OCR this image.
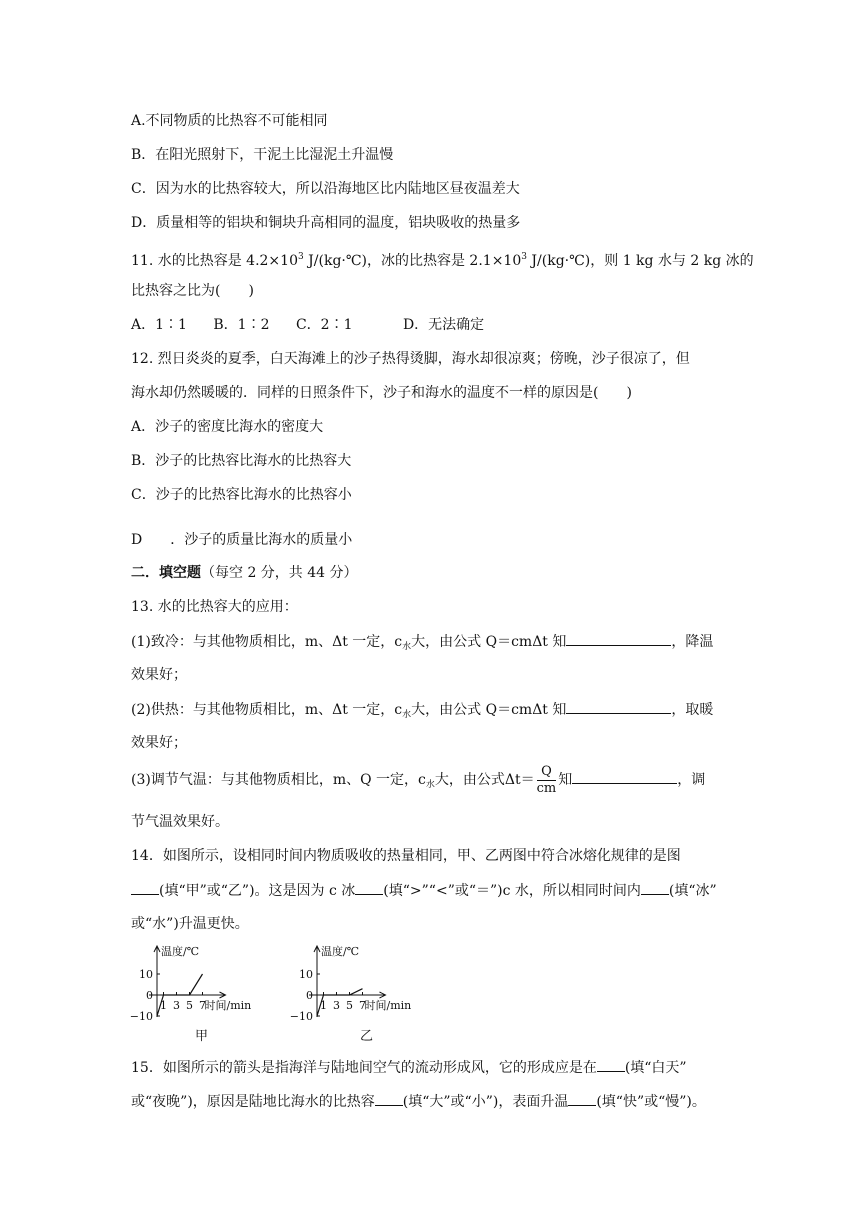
A.不同物质的比热容不可能相同
B．在阳光照射下，干泥土比湿泥土升温慢
C．因为水的比热容较大，所以沿海地区比内陆地区昼夜温差大
D．质量相等的铝块和铜块升高相同的温度，铝块吸收的热量多
11. 水的比热容是 $4.2\times 10^3$ J/(kg·℃)，冰的比热容是 $2.1\times 10^3$ J/(kg·℃)，则 1 kg 水与 2 kg 冰的
比热容之比为(　　)
A．1∶1 B．1∶2 C．2∶1	D．无法确定
12. 烈日炎炎的夏季，白天海滩上的沙子热得烫脚，海水却很凉爽；傍晚，沙子很凉了，但
海水却仍然暖暖的．同样的日照条件下，沙子和海水的温度不一样的原因是(　　)
A．沙子的密度比海水的密度大
B．沙子的比热容比海水的比热容大
C．沙子的比热容比海水的比热容小
D ．沙子的质量比海水的质量小
二．填空题（每空 2 分，共 44 分）
13. 水的比热容大的应用：
(1)致冷：与其他物质相比，m、Δt 一定，$c_水$大，由公式 Q＝cmΔt 知	，降温
效果好；
(2)供热：与其他物质相比，m、Δt 一定，$c_水$大，由公式 Q＝cmΔt 知	，取暖
效果好；
(3)调节气温：与其他物质相比，m、Q 一定，$c_水$大，由公式$\Delta t= \frac{Q}{cm}$ 知	，调
节气温效果好。
14．如图所示，设相同时间内物质吸收的热量相同，甲、乙两图中符合冰熔化规律的是图
(填“甲”或“乙”)。这是因为 c 冰 (填“>”“<”或“＝”)c 水，所以相同时间内 (填“冰”
或“水”)升温更快。
温度/℃
时间/min
10
0
−10
1 3 5 7
温度/℃
时间/min
10
0
−10
1 3 5 7
甲	乙
15．如图所示的箭头是指海洋与陆地间空气的流动形成风，它的形成应是在 (填“白天”
或“夜晚”)，原因是陆地比海水的比热容 (填“大”或“小”)，表面升温 (填“快”或“慢”)。
